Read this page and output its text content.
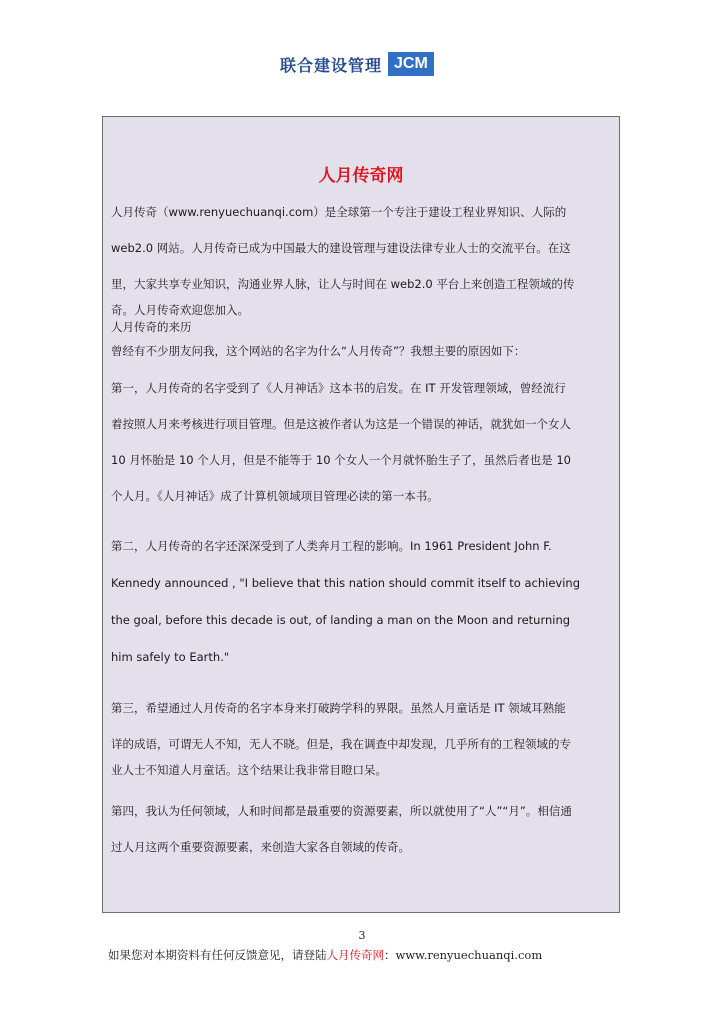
联合建设管理 JCM
人月传奇网

人月传奇（www.renyuechuanqi.com）是全球第一个专注于建设工程业界知识、人际的

web2.0 网站。人月传奇已成为中国最大的建设管理与建设法律专业人士的交流平台。在这

里，大家共享专业知识，沟通业界人脉，让人与时间在 web2.0 平台上来创造工程领域的传

奇。人月传奇欢迎您加入。

人月传奇的来历

曾经有不少朋友问我，这个网站的名字为什么“人月传奇”？我想主要的原因如下：

第一，人月传奇的名字受到了《人月神话》这本书的启发。在 IT 开发管理领域，曾经流行

着按照人月来考核进行项目管理。但是这被作者认为这是一个错误的神话，就犹如一个女人

10 月怀胎是 10 个人月，但是不能等于 10 个女人一个月就怀胎生子了，虽然后者也是 10

个人月。《人月神话》成了计算机领域项目管理必读的第一本书。

第二，人月传奇的名字还深深受到了人类奔月工程的影响。In 1961 President John F.

Kennedy announced , "I believe that this nation should commit itself to achieving

the goal, before this decade is out, of landing a man on the Moon and returning

him safely to Earth."

第三，希望通过人月传奇的名字本身来打破跨学科的界限。虽然人月童话是 IT 领域耳熟能

详的成语，可谓无人不知，无人不晓。但是，我在调查中却发现，几乎所有的工程领域的专

业人士不知道人月童话。这个结果让我非常目瞪口呆。

第四，我认为任何领域，人和时间都是最重要的资源要素，所以就使用了“人”“月”。相信通

过人月这两个重要资源要素，来创造大家各自领域的传奇。

3
如果您对本期资料有任何反馈意见，请登陆人月传奇网：www.renyuechuanqi.com
